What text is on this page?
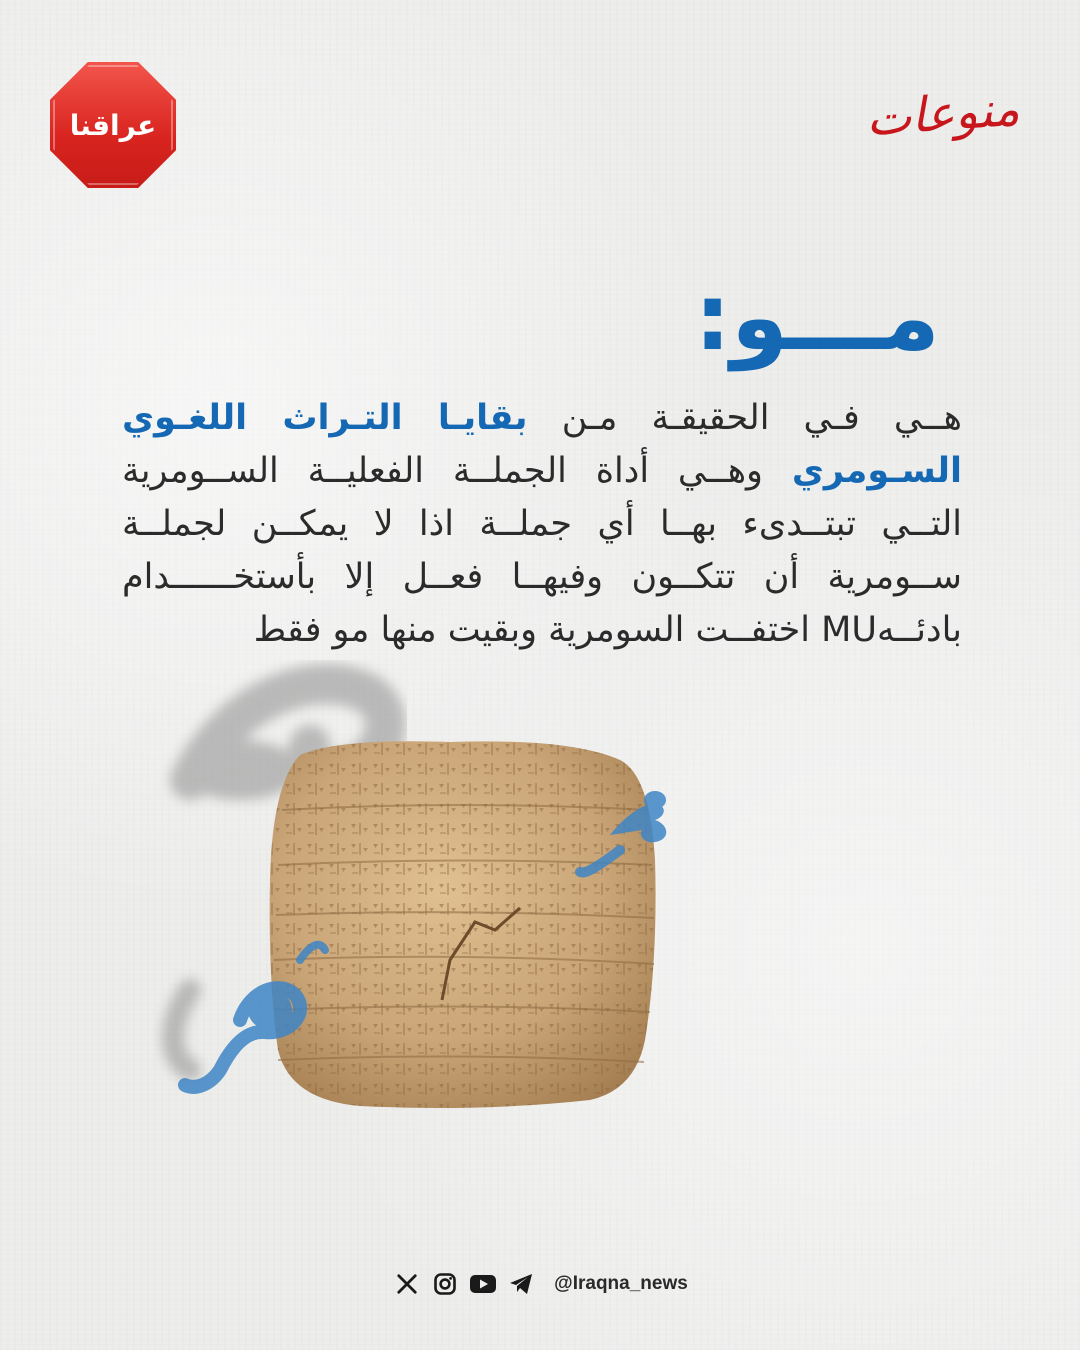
عراقنا	منوعات
مـــو:
هــي فـي الحقيقـة مـن بقايـا التـراث اللغـوي السـومري وهــي أداة الجملــة الفعليــة الســومرية التــي تبتــدىء بهــا أي جملــة اذا لا يمكــن لجملــة ســومرية أن تتكــون وفيهــا فعــل إلا بأستخــــــدام بادئــهMU اختفــت السومرية وبقيت منها مو فقط
@Iraqna_news
